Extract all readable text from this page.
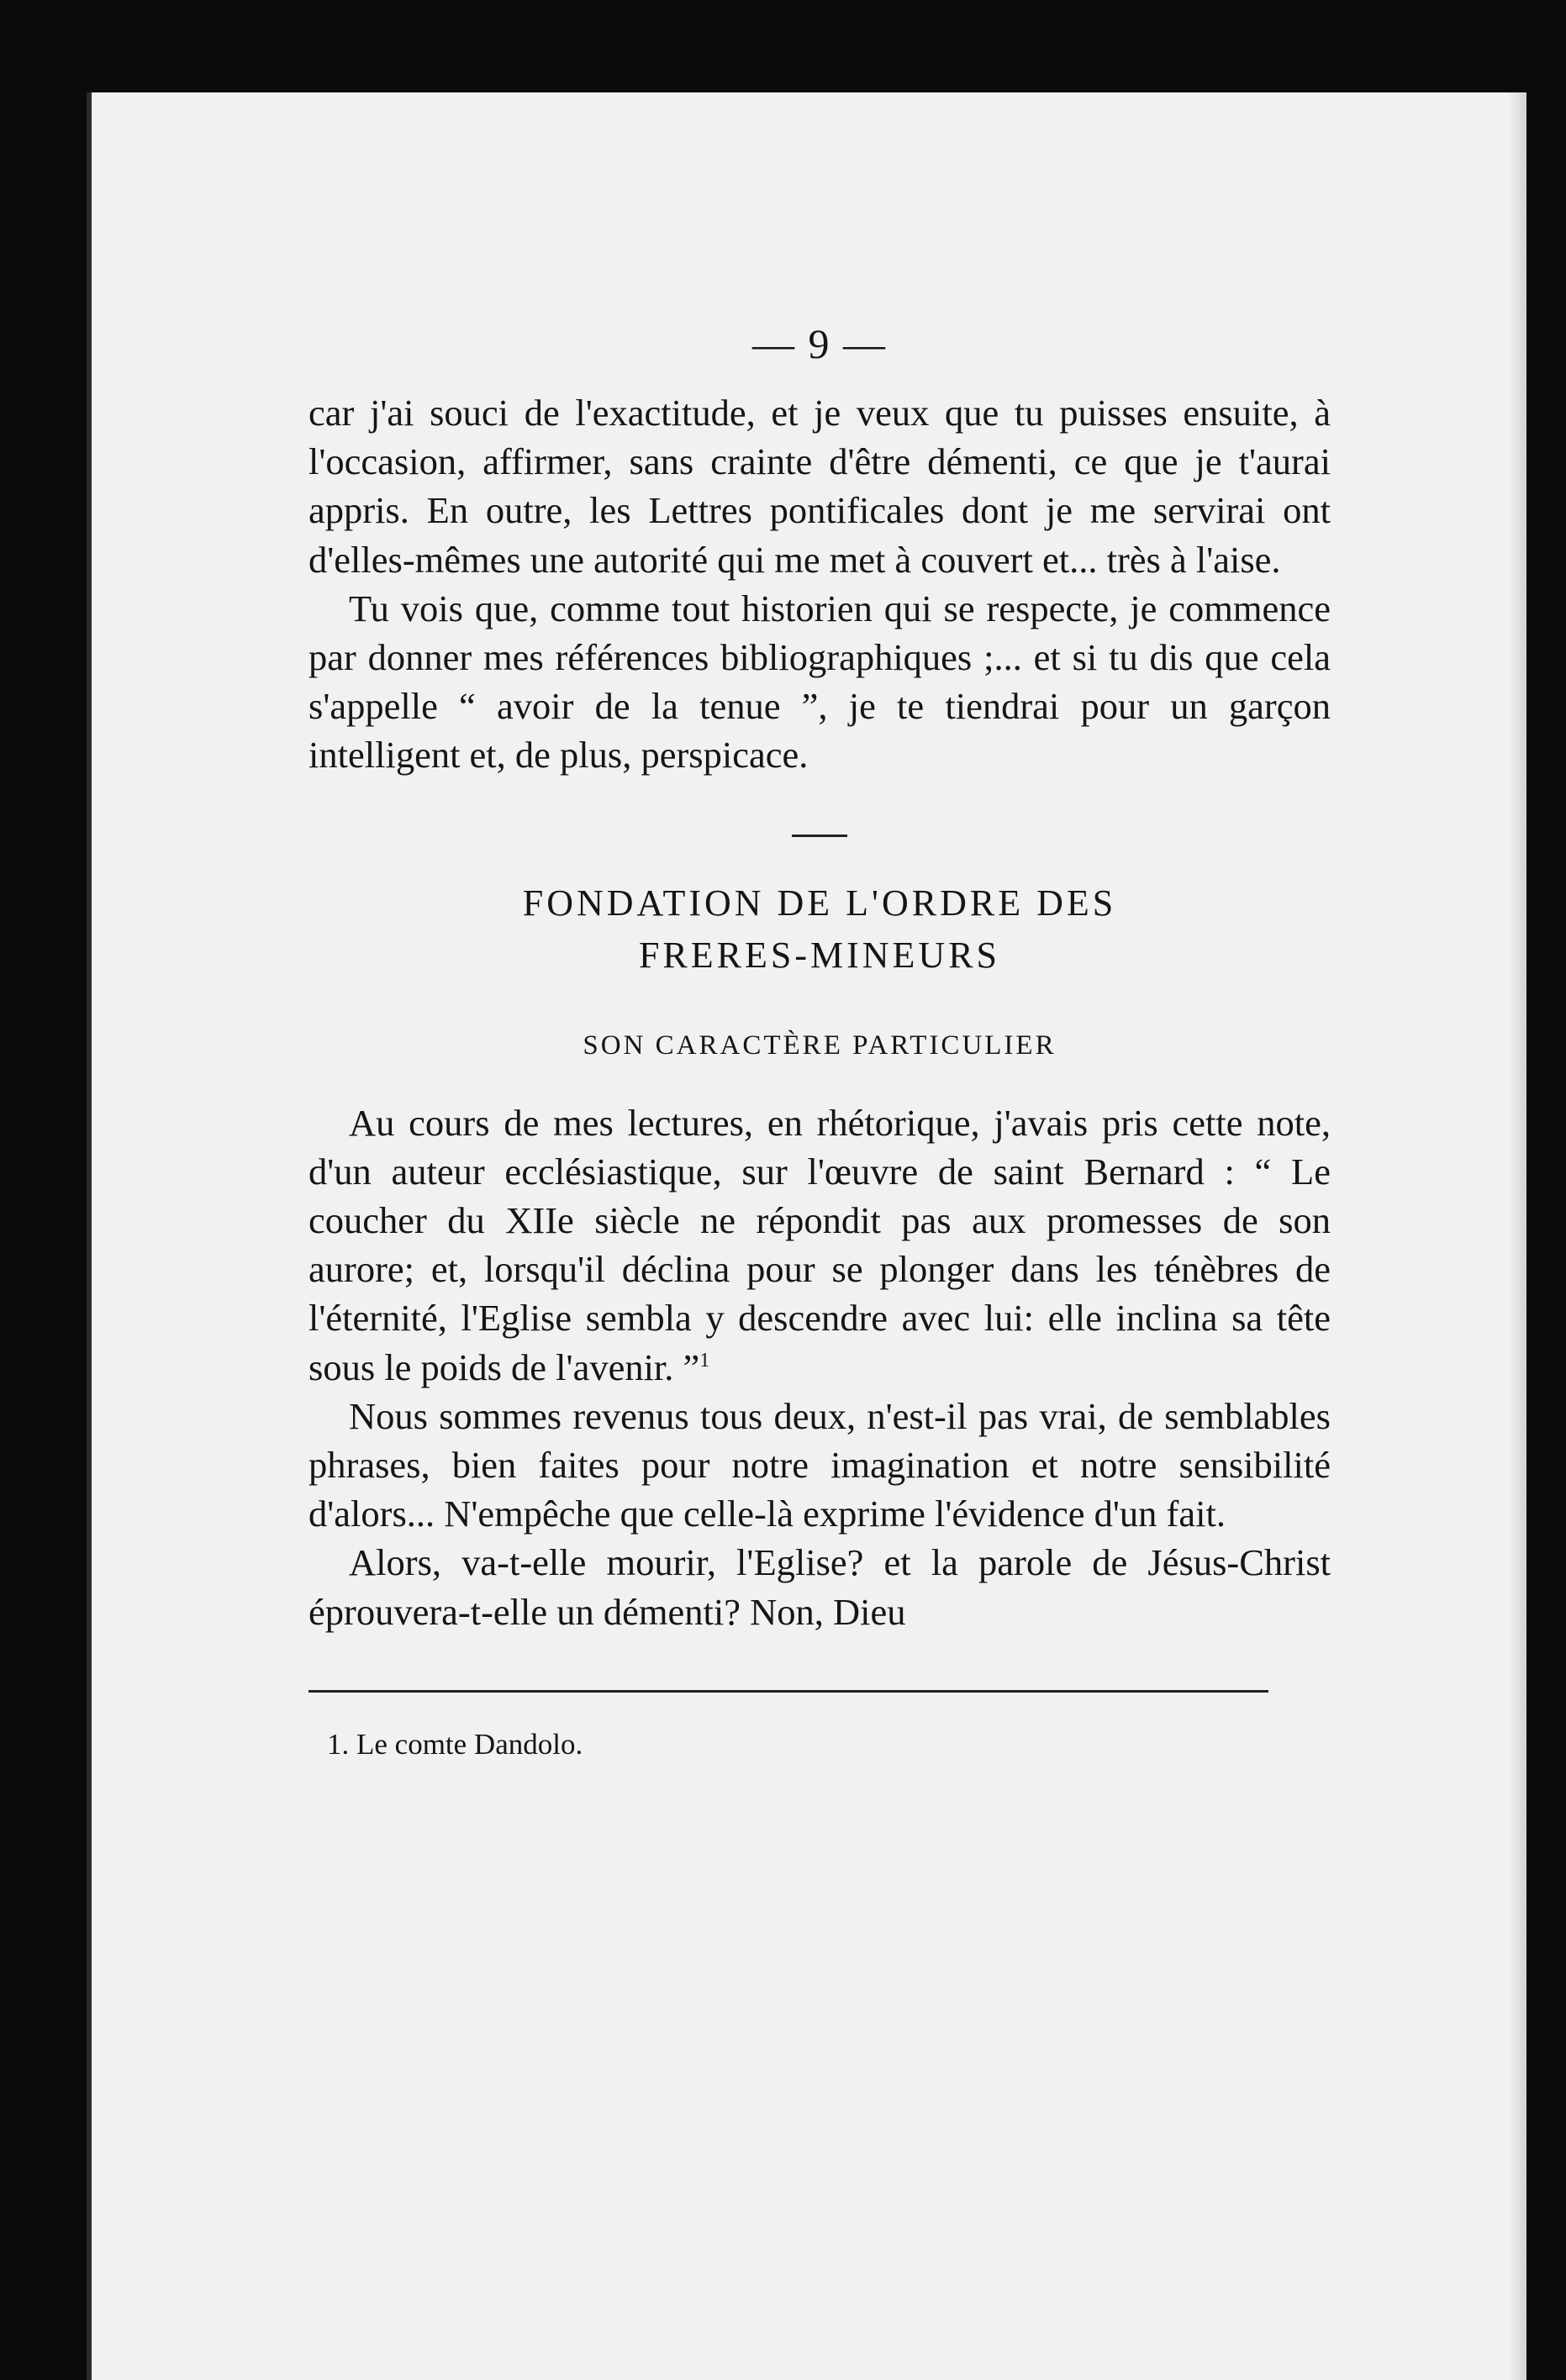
— 9 —

car j'ai souci de l'exactitude, et je veux que tu puisses ensuite, à l'occasion, affirmer, sans crainte d'être démenti, ce que je t'aurai appris. En outre, les Lettres pontificales dont je me servirai ont d'elles-mêmes une autorité qui me met à couvert et... très à l'aise.

Tu vois que, comme tout historien qui se respecte, je commence par donner mes références bibliographiques ;... et si tu dis que cela s'appelle “ avoir de la tenue ”, je te tiendrai pour un garçon intelligent et, de plus, perspicace.

FONDATION DE L'ORDRE DES

FRERES-MINEURS

SON CARACTÈRE PARTICULIER

Au cours de mes lectures, en rhétorique, j'avais pris cette note, d'un auteur ecclésiastique, sur l'œuvre de saint Bernard : “ Le coucher du XIIe siècle ne répondit pas aux promesses de son aurore; et, lorsqu'il déclina pour se plonger dans les ténèbres de l'éternité, l'Eglise sembla y descendre avec lui: elle inclina sa tête sous le poids de l'avenir. ”$^1$

Nous sommes revenus tous deux, n'est-il pas vrai, de semblables phrases, bien faites pour notre imagination et notre sensibilité d'alors... N'empêche que celle-là exprime l'évidence d'un fait.

Alors, va-t-elle mourir, l'Eglise? et la parole de Jésus-Christ éprouvera-t-elle un démenti? Non, Dieu

1. Le comte Dandolo.
